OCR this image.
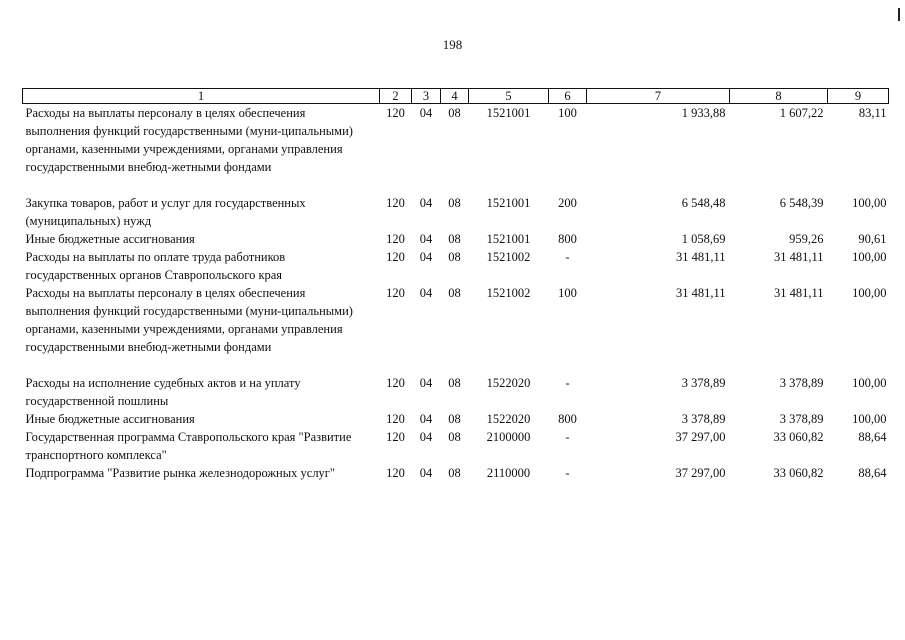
198
1	2	3	4	5	6	7	8	9
Расходы на выплаты персоналу в целях обеспечения выполнения функций государственными (муни-ципальными) органами, казенными учреждениями, органами управления государственными внебюд-жетными фондами	120	04	08	1521001	100	1 933,88	1 607,22	83,11
Закупка товаров, работ и услуг для государственных (муниципальных) нужд	120	04	08	1521001	200	6 548,48	6 548,39	100,00
Иные бюджетные ассигнования	120	04	08	1521001	800	1 058,69	959,26	90,61
Расходы на выплаты по оплате труда работников государственных органов Ставропольского края	120	04	08	1521002	-	31 481,11	31 481,11	100,00
Расходы на выплаты персоналу в целях обеспечения выполнения функций государственными (муни-ципальными) органами, казенными учреждениями, органами управления государственными внебюд-жетными фондами	120	04	08	1521002	100	31 481,11	31 481,11	100,00
Расходы на исполнение судебных актов и на уплату государственной пошлины	120	04	08	1522020	-	3 378,89	3 378,89	100,00
Иные бюджетные ассигнования	120	04	08	1522020	800	3 378,89	3 378,89	100,00
Государственная программа Ставропольского края "Развитие транспортного комплекса"	120	04	08	2100000	-	37 297,00	33 060,82	88,64
Подпрограмма "Развитие рынка железнодорожных услуг"	120	04	08	2110000	-	37 297,00	33 060,82	88,64
